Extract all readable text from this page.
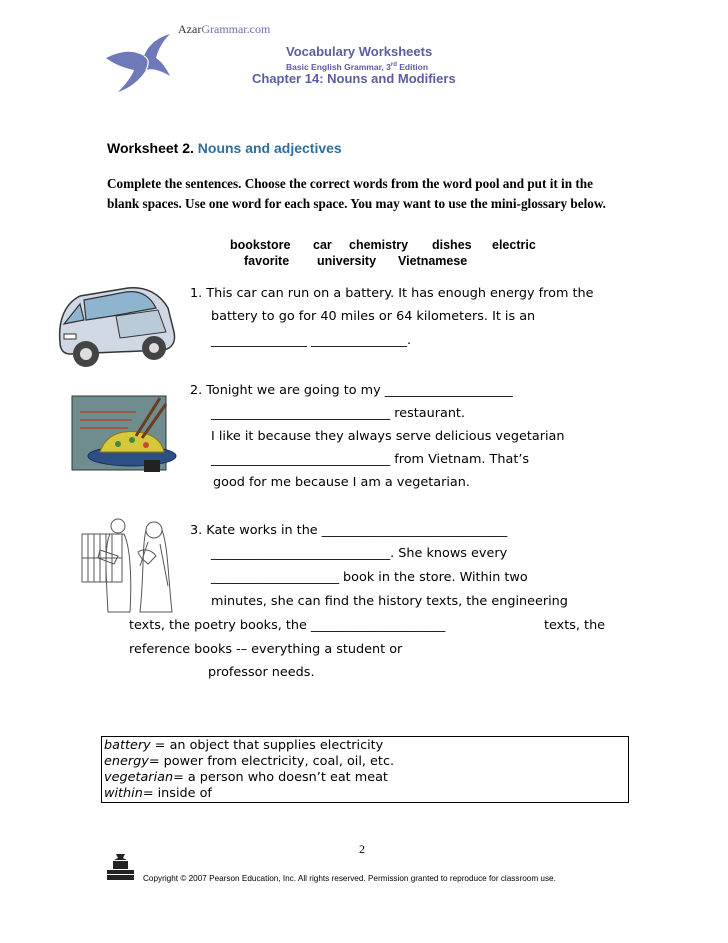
AzarGrammar.com
Vocabulary Worksheets
Basic English Grammar, 3rd Edition
Chapter 14: Nouns and Modifiers
Worksheet 2. Nouns and adjectives
Complete the sentences. Choose the correct words from the word pool and put it in the blank spaces. Use one word for each space. You may want to use the mini-glossary below.
bookstore car chemistry dishes electric
favorite university Vietnamese
1. This car can run on a battery. It has enough energy from the
battery to go for 40 miles or 64 kilometers. It is an
_______________ _______________.
2. Tonight we are going to my ____________________
____________________________ restaurant.
I like it because they always serve delicious vegetarian
____________________________ from Vietnam. That’s
good for me because I am a vegetarian.
3. Kate works in the _____________________________
____________________________. She knows every
____________________ book in the store. Within two
minutes, she can find the history texts, the engineering
texts, the poetry books, the _____________________	texts, the
reference books -– everything a student or
professor needs.
battery = an object that supplies electricity
energy= power from electricity, coal, oil, etc.
vegetarian= a person who doesn’t eat meat
within= inside of
2
Copyright © 2007 Pearson Education, Inc. All rights reserved. Permission granted to reproduce for classroom use.
